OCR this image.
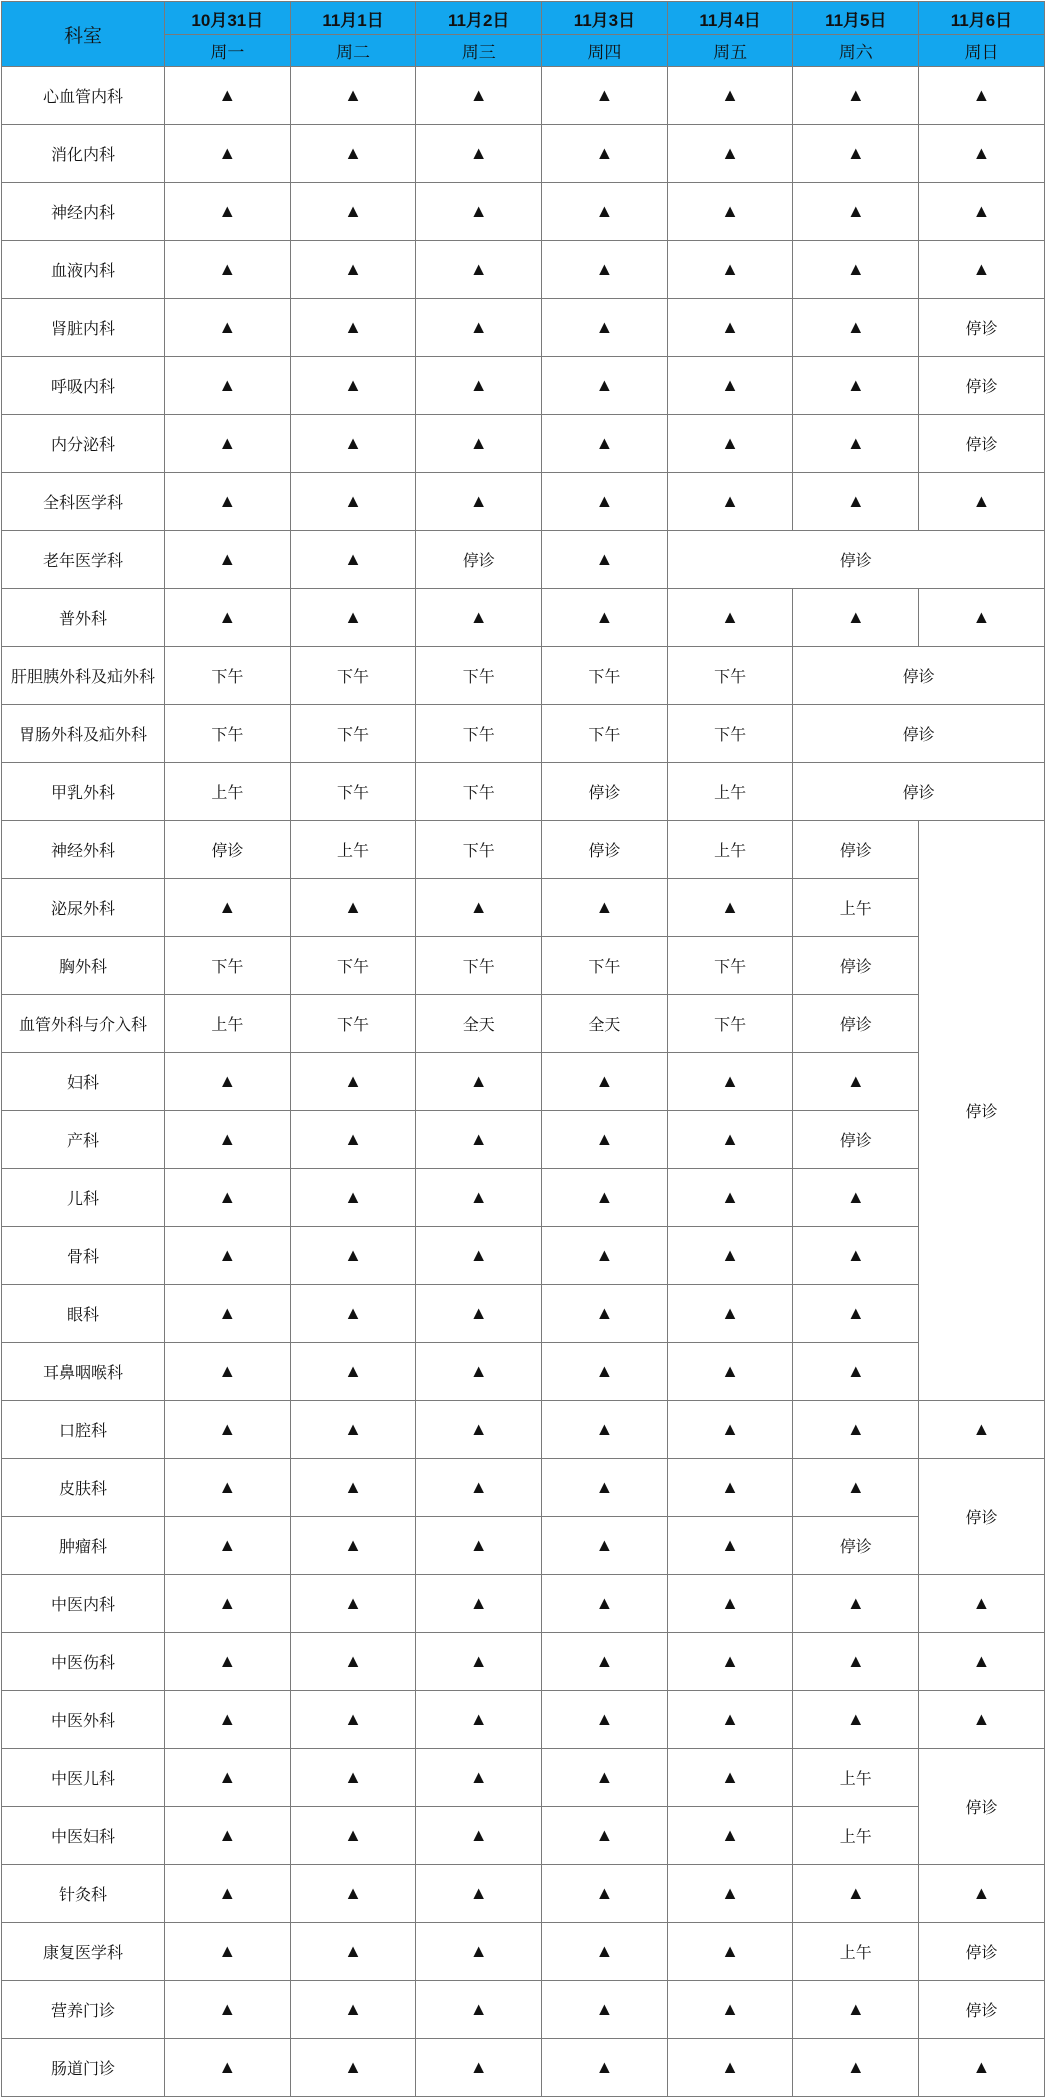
科室	10月31日	11月1日	11月2日	11月3日	11月4日	11月5日	11月6日
	周一	周二	周三	周四	周五	周六	周日
心血管内科	▲	▲	▲	▲	▲	▲	▲
消化内科	▲	▲	▲	▲	▲	▲	▲
神经内科	▲	▲	▲	▲	▲	▲	▲
血液内科	▲	▲	▲	▲	▲	▲	▲
肾脏内科	▲	▲	▲	▲	▲	▲	停诊
呼吸内科	▲	▲	▲	▲	▲	▲	停诊
内分泌科	▲	▲	▲	▲	▲	▲	停诊
全科医学科	▲	▲	▲	▲	▲	▲	▲
老年医学科	▲	▲	停诊	▲	停诊		
普外科	▲	▲	▲	▲	▲	▲	▲
肝胆胰外科及疝外科	下午	下午	下午	下午	下午	停诊	
胃肠外科及疝外科	下午	下午	下午	下午	下午	停诊	
甲乳外科	上午	下午	下午	停诊	上午	停诊	
神经外科	停诊	上午	下午	停诊	上午	停诊	停诊
泌尿外科	▲	▲	▲	▲	▲	上午	
胸外科	下午	下午	下午	下午	下午	停诊	
血管外科与介入科	上午	下午	全天	全天	下午	停诊	
妇科	▲	▲	▲	▲	▲	▲	
产科	▲	▲	▲	▲	▲	停诊	
儿科	▲	▲	▲	▲	▲	▲	
骨科	▲	▲	▲	▲	▲	▲	
眼科	▲	▲	▲	▲	▲	▲	
耳鼻咽喉科	▲	▲	▲	▲	▲	▲	
口腔科	▲	▲	▲	▲	▲	▲	▲
皮肤科	▲	▲	▲	▲	▲	▲	停诊
肿瘤科	▲	▲	▲	▲	▲	停诊	
中医内科	▲	▲	▲	▲	▲	▲	▲
中医伤科	▲	▲	▲	▲	▲	▲	▲
中医外科	▲	▲	▲	▲	▲	▲	▲
中医儿科	▲	▲	▲	▲	▲	上午	停诊
中医妇科	▲	▲	▲	▲	▲	上午	
针灸科	▲	▲	▲	▲	▲	▲	▲
康复医学科	▲	▲	▲	▲	▲	上午	停诊
营养门诊	▲	▲	▲	▲	▲	▲	停诊
肠道门诊	▲	▲	▲	▲	▲	▲	▲
